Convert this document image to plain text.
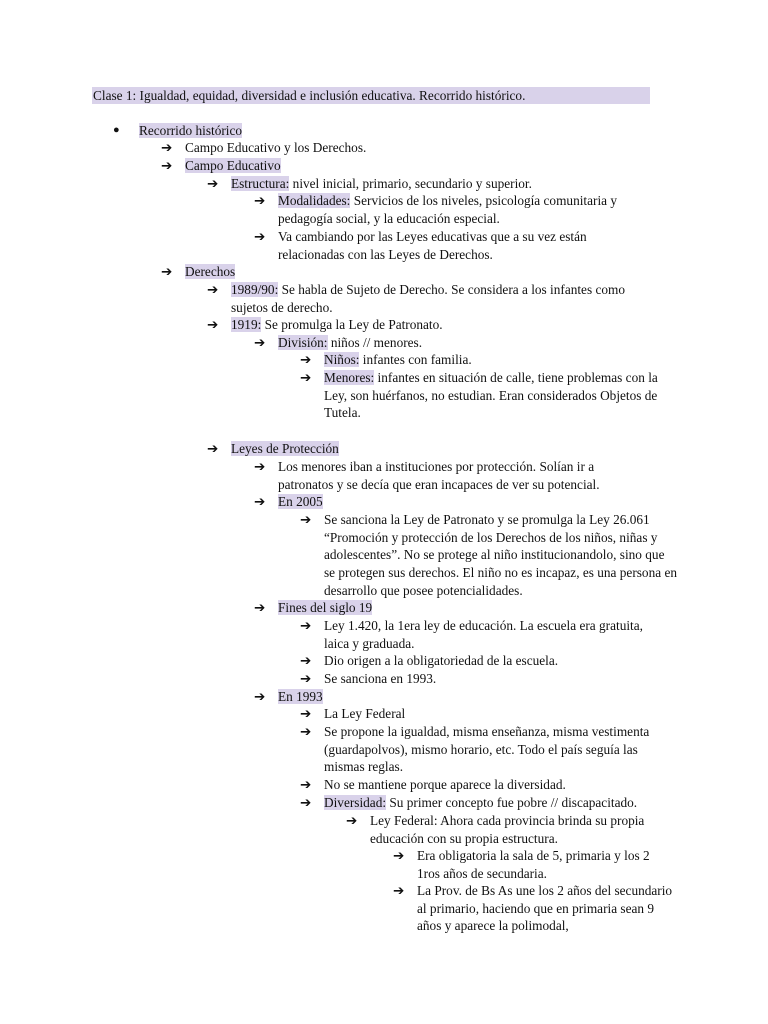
Clase 1: Igualdad, equidad, diversidad e inclusión educativa. Recorrido histórico.
●	Recorrido histórico
➔ Campo Educativo y los Derechos.
➔ Campo Educativo
➔ Estructura: nivel inicial, primario, secundario y superior.
➔ Modalidades: Servicios de los niveles, psicología comunitaria y pedagogía social, y la educación especial.
➔ Va cambiando por las Leyes educativas que a su vez están relacionadas con las Leyes de Derechos.
➔ Derechos
➔ 1989/90: Se habla de Sujeto de Derecho. Se considera a los infantes como sujetos de derecho.
➔ 1919: Se promulga la Ley de Patronato.
➔ División: niños // menores.
➔ Niños: infantes con familia.
➔ Menores: infantes en situación de calle, tiene problemas con la Ley, son huérfanos, no estudian. Eran considerados Objetos de Tutela.
➔ Leyes de Protección
➔ Los menores iban a instituciones por protección. Solían ir a patronatos y se decía que eran incapaces de ver su potencial.
➔ En 2005
➔ Se sanciona la Ley de Patronato y se promulga la Ley 26.061 “Promoción y protección de los Derechos de los niños, niñas y adolescentes”. No se protege al niño institucionandolo, sino que se protegen sus derechos. El niño no es incapaz, es una persona en desarrollo que posee potencialidades.
➔ Fines del siglo 19
➔ Ley 1.420, la 1era ley de educación. La escuela era gratuita, laica y graduada.
➔ Dio origen a la obligatoriedad de la escuela.
➔ Se sanciona en 1993.
➔ En 1993
➔ La Ley Federal
➔ Se propone la igualdad, misma enseñanza, misma vestimenta (guardapolvos), mismo horario, etc. Todo el país seguía las mismas reglas.
➔ No se mantiene porque aparece la diversidad.
➔ Diversidad: Su primer concepto fue pobre // discapacitado.
➔ Ley Federal: Ahora cada provincia brinda su propia educación con su propia estructura.
➔ Era obligatoria la sala de 5, primaria y los 2 1ros años de secundaria.
➔ La Prov. de Bs As une los 2 años del secundario al primario, haciendo que en primaria sean 9 años y aparece la polimodal,
